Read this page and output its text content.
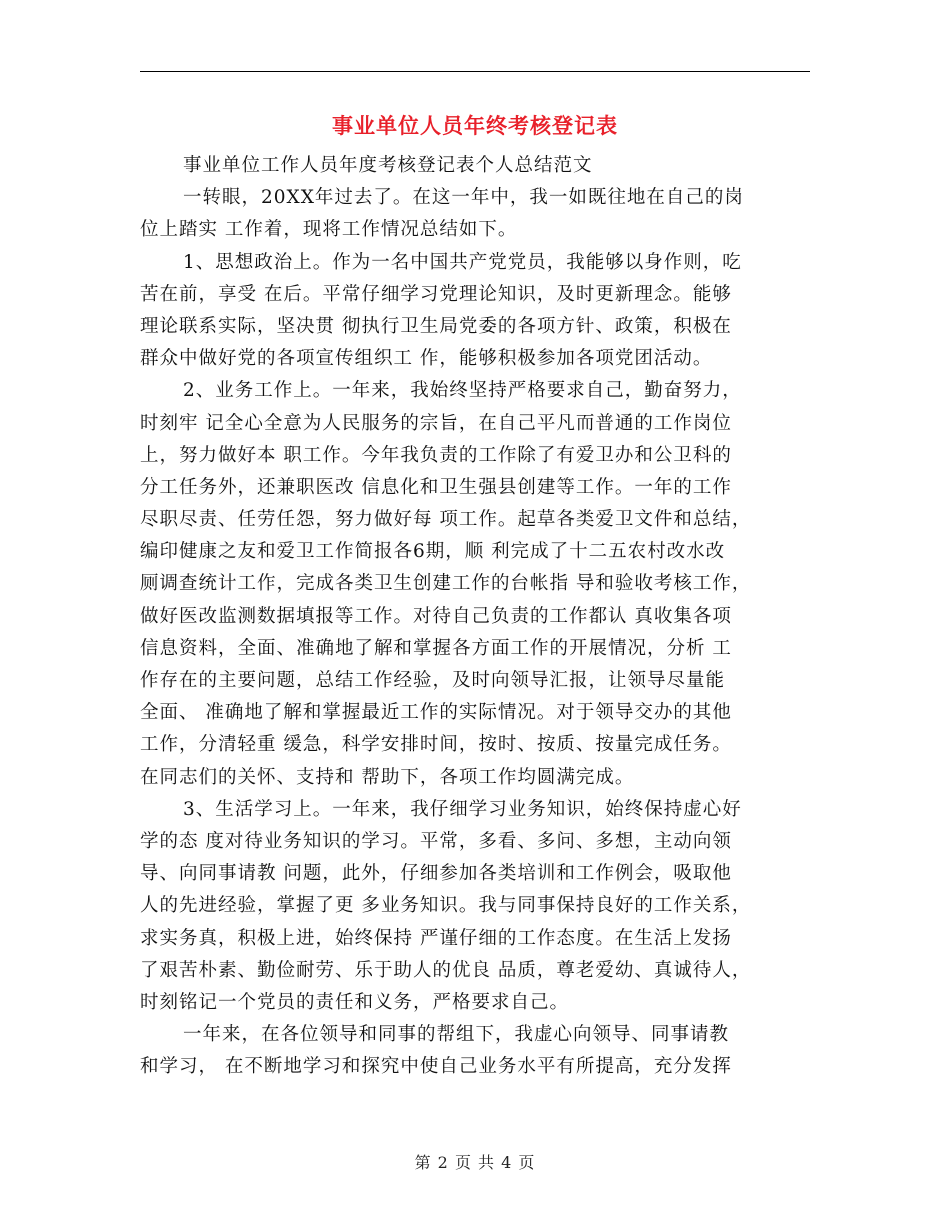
事业单位人员年终考核登记表
事业单位工作人员年度考核登记表个人总结范文
一转眼，20XX年过去了。在这一年中，我一如既往地在自己的岗
位上踏实 工作着，现将工作情况总结如下。
1、思想政治上。作为一名中国共产党党员，我能够以身作则，吃
苦在前，享受 在后。平常仔细学习党理论知识，及时更新理念。能够
理论联系实际，坚决贯 彻执行卫生局党委的各项方针、政策，积极在
群众中做好党的各项宣传组织工 作，能够积极参加各项党团活动。
2、业务工作上。一年来，我始终坚持严格要求自己，勤奋努力，
时刻牢 记全心全意为人民服务的宗旨，在自己平凡而普通的工作岗位
上，努力做好本 职工作。今年我负责的工作除了有爱卫办和公卫科的
分工任务外，还兼职医改 信息化和卫生强县创建等工作。一年的工作
尽职尽责、任劳任怨，努力做好每 项工作。起草各类爱卫文件和总结，
编印健康之友和爱卫工作简报各6期，顺 利完成了十二五农村改水改
厕调查统计工作，完成各类卫生创建工作的台帐指 导和验收考核工作，
做好医改监测数据填报等工作。对待自己负责的工作都认 真收集各项
信息资料，全面、准确地了解和掌握各方面工作的开展情况，分析 工
作存在的主要问题，总结工作经验，及时向领导汇报，让领导尽量能
全面、 准确地了解和掌握最近工作的实际情况。对于领导交办的其他
工作，分清轻重 缓急，科学安排时间，按时、按质、按量完成任务。
在同志们的关怀、支持和 帮助下，各项工作均圆满完成。
3、生活学习上。一年来，我仔细学习业务知识，始终保持虚心好
学的态 度对待业务知识的学习。平常，多看、多问、多想，主动向领
导、向同事请教 问题，此外，仔细参加各类培训和工作例会，吸取他
人的先进经验，掌握了更 多业务知识。我与同事保持良好的工作关系，
求实务真，积极上进，始终保持 严谨仔细的工作态度。在生活上发扬
了艰苦朴素、勤俭耐劳、乐于助人的优良 品质，尊老爱幼、真诚待人，
时刻铭记一个党员的责任和义务，严格要求自己。
一年来，在各位领导和同事的帮组下，我虚心向领导、同事请教
和学习， 在不断地学习和探究中使自己业务水平有所提高，充分发挥

第 2 页 共 4 页
